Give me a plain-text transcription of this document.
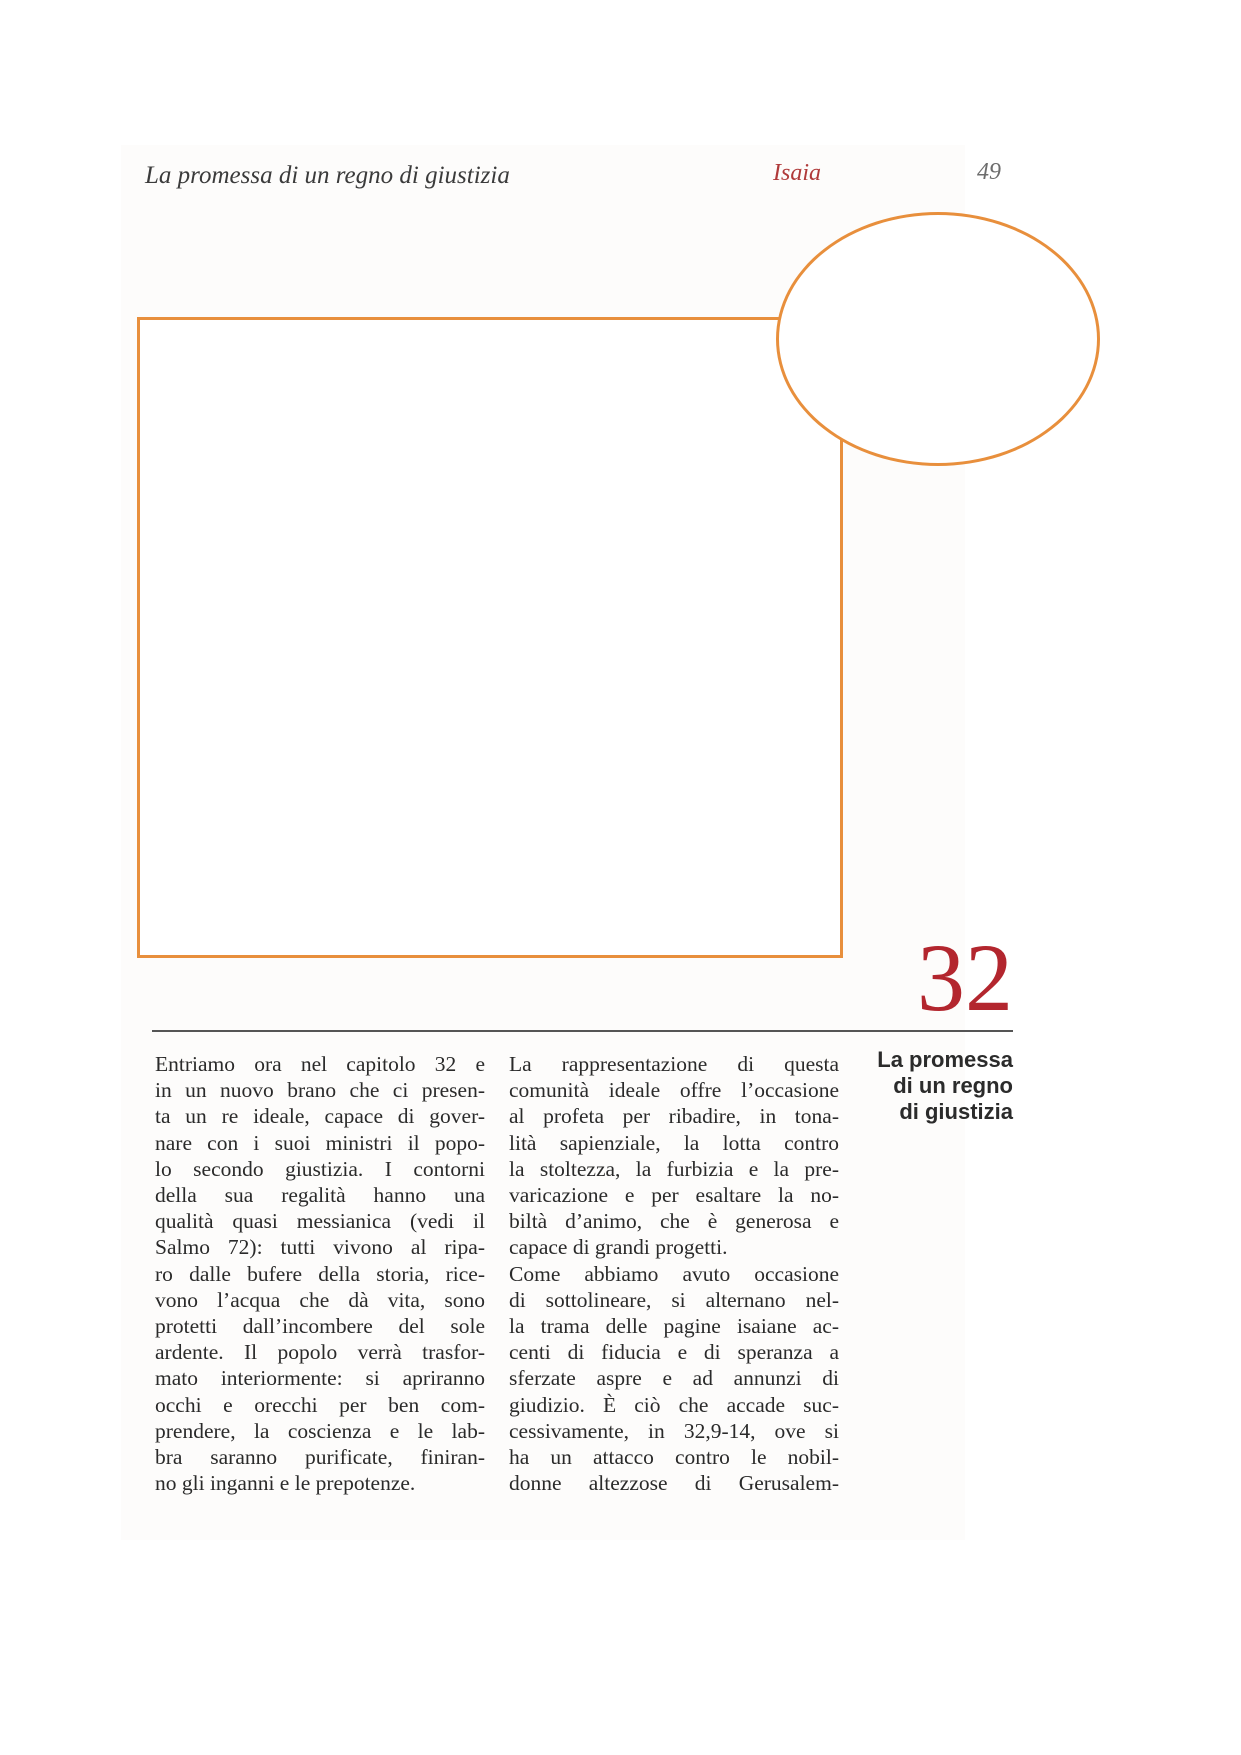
La promessa di un regno di giustizia	Isaia	49
32
Entriamo ora nel capitolo 32 e
in un nuovo brano che ci presen-
ta un re ideale, capace di gover-
nare con i suoi ministri il popo-
lo secondo giustizia. I contorni
della sua regalità hanno una
qualità quasi messianica (vedi il
Salmo 72): tutti vivono al ripa-
ro dalle bufere della storia, rice-
vono l’acqua che dà vita, sono
protetti dall’incombere del sole
ardente. Il popolo verrà trasfor-
mato interiormente: si apriranno
occhi e orecchi per ben com-
prendere, la coscienza e le lab-
bra saranno purificate, finiran-
no gli inganni e le prepotenze.
La rappresentazione di questa
comunità ideale offre l’occasione
al profeta per ribadire, in tona-
lità sapienziale, la lotta contro
la stoltezza, la furbizia e la pre-
varicazione e per esaltare la no-
biltà d’animo, che è generosa e
capace di grandi progetti.
Come abbiamo avuto occasione
di sottolineare, si alternano nel-
la trama delle pagine isaiane ac-
centi di fiducia e di speranza a
sferzate aspre e ad annunzi di
giudizio. È ciò che accade suc-
cessivamente, in 32,9-14, ove si
ha un attacco contro le nobil-
donne altezzose di Gerusalem-
La promessa
di un regno
di giustizia
